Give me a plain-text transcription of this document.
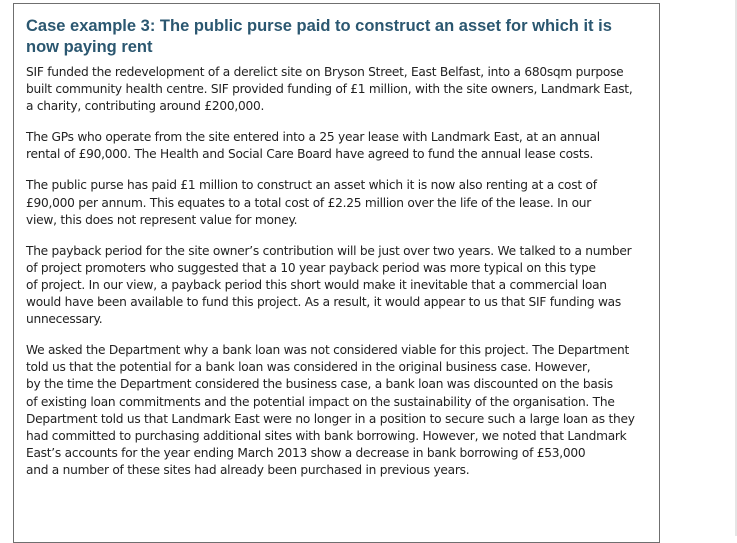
Case example 3: The public purse paid to construct an asset for which it is now paying rent

SIF funded the redevelopment of a derelict site on Bryson Street, East Belfast, into a 680sqm purpose
built community health centre. SIF provided funding of £1 million, with the site owners, Landmark East,
a charity, contributing around £200,000.

The GPs who operate from the site entered into a 25 year lease with Landmark East, at an annual
rental of £90,000. The Health and Social Care Board have agreed to fund the annual lease costs.

The public purse has paid £1 million to construct an asset which it is now also renting at a cost of
£90,000 per annum. This equates to a total cost of £2.25 million over the life of the lease. In our
view, this does not represent value for money.

The payback period for the site owner’s contribution will be just over two years. We talked to a number
of project promoters who suggested that a 10 year payback period was more typical on this type
of project. In our view, a payback period this short would make it inevitable that a commercial loan
would have been available to fund this project. As a result, it would appear to us that SIF funding was
unnecessary.

We asked the Department why a bank loan was not considered viable for this project. The Department
told us that the potential for a bank loan was considered in the original business case. However,
by the time the Department considered the business case, a bank loan was discounted on the basis
of existing loan commitments and the potential impact on the sustainability of the organisation. The
Department told us that Landmark East were no longer in a position to secure such a large loan as they
had committed to purchasing additional sites with bank borrowing. However, we noted that Landmark
East’s accounts for the year ending March 2013 show a decrease in bank borrowing of £53,000
and a number of these sites had already been purchased in previous years.
